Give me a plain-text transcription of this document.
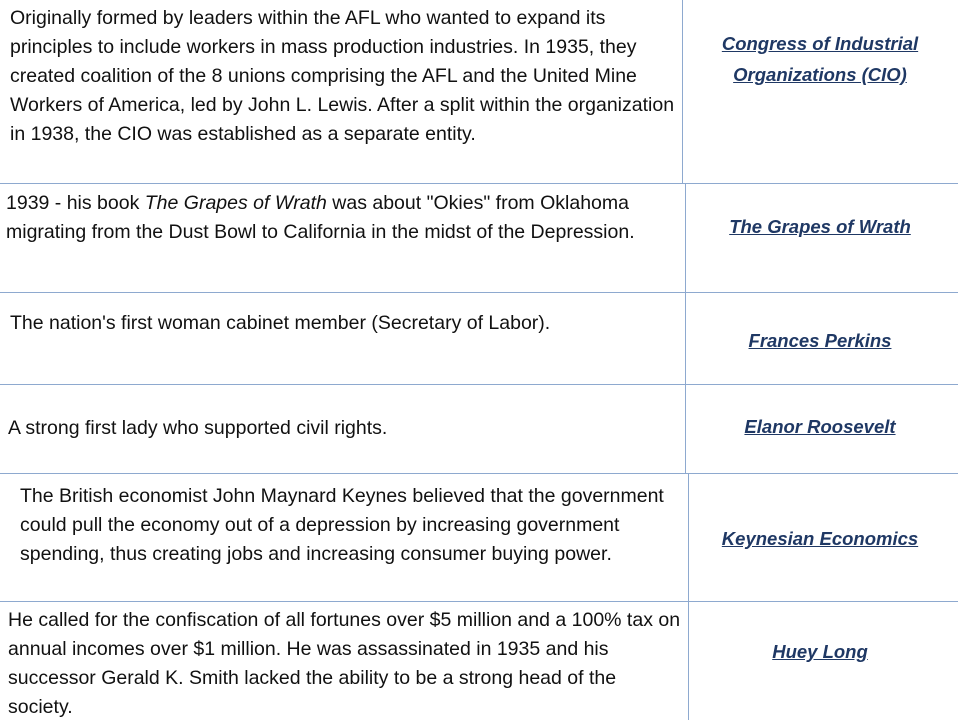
Originally formed by leaders within the AFL who wanted to expand its principles to include workers in mass production industries. In 1935, they created coalition of the 8 unions comprising the AFL and the United Mine Workers of America, led by John L. Lewis. After a split within the organization in 1938, the CIO was established as a separate entity.

Congress of Industrial Organizations (CIO)

1939 - his book The Grapes of Wrath was about "Okies" from Oklahoma migrating from the Dust Bowl to California in the midst of the Depression.	The Grapes of Wrath

The nation's first woman cabinet member (Secretary of Labor).

Frances Perkins

A strong first lady who supported civil rights.	Elanor Roosevelt

The British economist John Maynard Keynes believed that the government could pull the economy out of a depression by increasing government spending, thus creating jobs and increasing consumer buying power.

Keynesian Economics

He called for the confiscation of all fortunes over $5 million and a 100% tax on annual incomes over $1 million. He was assassinated in 1935 and his successor Gerald K. Smith lacked the ability to be a strong head of the society.

Huey Long
